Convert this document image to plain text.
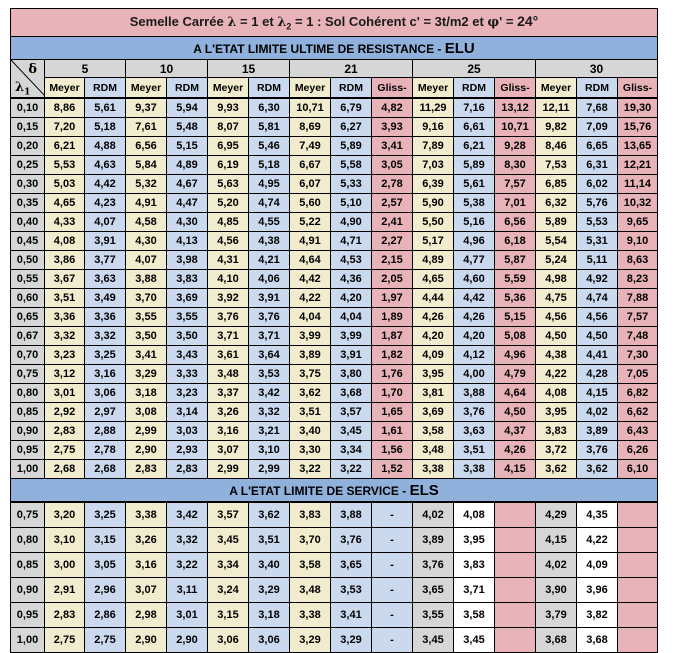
Semelle Carrée λ = 1 et $\lambda_2 = 1$ : Sol Cohérent c' = 3t/m2 et φ' = 24°															
A L'ETAT LIMITE ULTIME DE RESISTANCE - ELU															

δ
$\lambda_1$	5		10		15		21			25			30		
	Meyer	RDM	Meyer	RDM	Meyer	RDM	Meyer	RDM	Gliss-	Meyer	RDM	Gliss-	Meyer	RDM	Gliss-
0,10	8,86	5,61	9,37	5,94	9,93	6,30	10,71	6,79	4,82	11,29	7,16	13,12	12,11	7,68	19,30
0,15	7,20	5,18	7,61	5,48	8,07	5,81	8,69	6,27	3,93	9,16	6,61	10,71	9,82	7,09	15,76
0,20	6,21	4,88	6,56	5,15	6,95	5,46	7,49	5,89	3,41	7,89	6,21	9,28	8,46	6,65	13,65
0,25	5,53	4,63	5,84	4,89	6,19	5,18	6,67	5,58	3,05	7,03	5,89	8,30	7,53	6,31	12,21
0,30	5,03	4,42	5,32	4,67	5,63	4,95	6,07	5,33	2,78	6,39	5,61	7,57	6,85	6,02	11,14
0,35	4,65	4,23	4,91	4,47	5,20	4,74	5,60	5,10	2,57	5,90	5,38	7,01	6,32	5,76	10,32
0,40	4,33	4,07	4,58	4,30	4,85	4,55	5,22	4,90	2,41	5,50	5,16	6,56	5,89	5,53	9,65
0,45	4,08	3,91	4,30	4,13	4,56	4,38	4,91	4,71	2,27	5,17	4,96	6,18	5,54	5,31	9,10
0,50	3,86	3,77	4,07	3,98	4,31	4,21	4,64	4,53	2,15	4,89	4,77	5,87	5,24	5,11	8,63
0,55	3,67	3,63	3,88	3,83	4,10	4,06	4,42	4,36	2,05	4,65	4,60	5,59	4,98	4,92	8,23
0,60	3,51	3,49	3,70	3,69	3,92	3,91	4,22	4,20	1,97	4,44	4,42	5,36	4,75	4,74	7,88
0,65	3,36	3,36	3,55	3,55	3,76	3,76	4,04	4,04	1,89	4,26	4,26	5,15	4,56	4,56	7,57
0,67	3,32	3,32	3,50	3,50	3,71	3,71	3,99	3,99	1,87	4,20	4,20	5,08	4,50	4,50	7,48
0,70	3,23	3,25	3,41	3,43	3,61	3,64	3,89	3,91	1,82	4,09	4,12	4,96	4,38	4,41	7,30
0,75	3,12	3,16	3,29	3,33	3,48	3,53	3,75	3,80	1,76	3,95	4,00	4,79	4,22	4,28	7,05
0,80	3,01	3,06	3,18	3,23	3,37	3,42	3,62	3,68	1,70	3,81	3,88	4,64	4,08	4,15	6,82
0,85	2,92	2,97	3,08	3,14	3,26	3,32	3,51	3,57	1,65	3,69	3,76	4,50	3,95	4,02	6,62
0,90	2,83	2,88	2,99	3,03	3,16	3,21	3,40	3,45	1,61	3,58	3,63	4,37	3,83	3,89	6,43
0,95	2,75	2,78	2,90	2,93	3,07	3,10	3,30	3,34	1,56	3,48	3,51	4,26	3,72	3,76	6,26
1,00	2,68	2,68	2,83	2,83	2,99	2,99	3,22	3,22	1,52	3,38	3,38	4,15	3,62	3,62	6,10
A L'ETAT LIMITE DE SERVICE - ELS															
0,75	3,20	3,25	3,38	3,42	3,57	3,62	3,83	3,88	-	4,02	4,08		4,29	4,35	
0,80	3,10	3,15	3,26	3,32	3,45	3,51	3,70	3,76	-	3,89	3,95		4,15	4,22	
0,85	3,00	3,05	3,16	3,22	3,34	3,40	3,58	3,65	-	3,76	3,83		4,02	4,09	
0,90	2,91	2,96	3,07	3,11	3,24	3,29	3,48	3,53	-	3,65	3,71		3,90	3,96	
0,95	2,83	2,86	2,98	3,01	3,15	3,18	3,38	3,41	-	3,55	3,58		3,79	3,82	
1,00	2,75	2,75	2,90	2,90	3,06	3,06	3,29	3,29	-	3,45	3,45		3,68	3,68	
